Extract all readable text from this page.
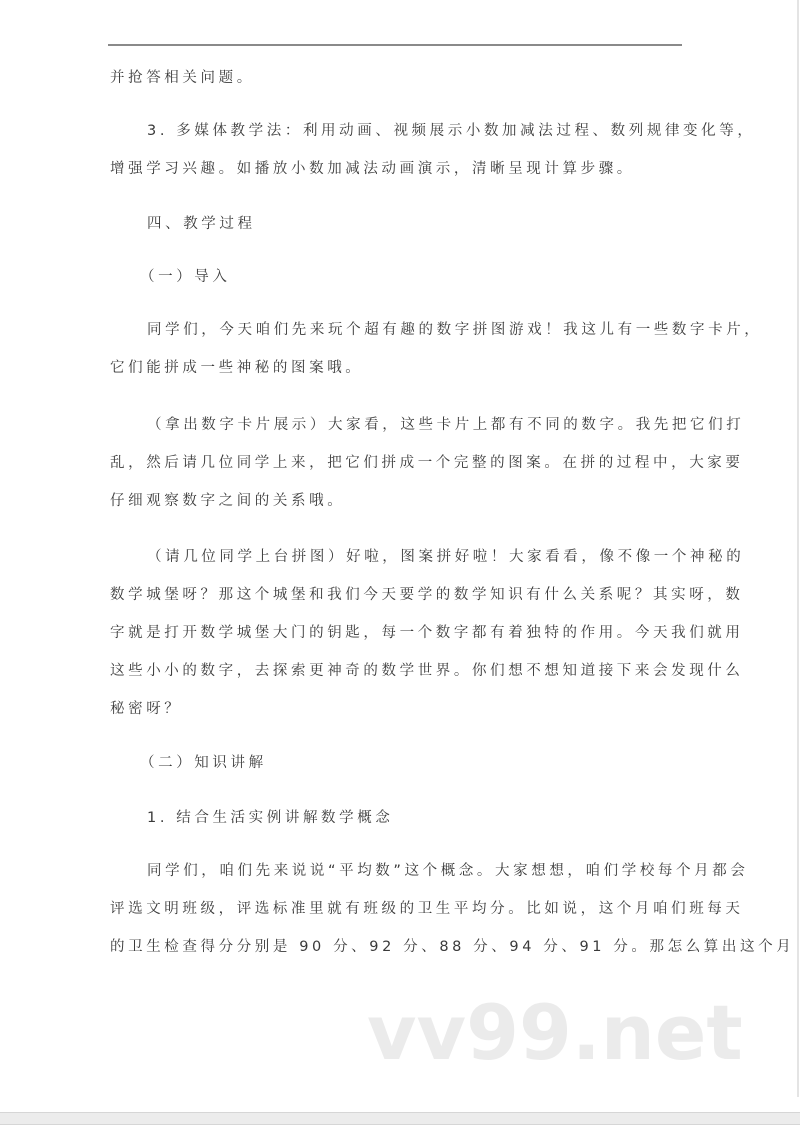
并抢答相关问题。
3. 多媒体教学法：利用动画、视频展示小数加减法过程、数列规律变化等，
增强学习兴趣。如播放小数加减法动画演示，清晰呈现计算步骤。
四、教学过程
（一）导入
同学们，今天咱们先来玩个超有趣的数字拼图游戏！我这儿有一些数字卡片，
它们能拼成一些神秘的图案哦。
（拿出数字卡片展示）大家看，这些卡片上都有不同的数字。我先把它们打
乱，然后请几位同学上来，把它们拼成一个完整的图案。在拼的过程中，大家要
仔细观察数字之间的关系哦。
（请几位同学上台拼图）好啦，图案拼好啦！大家看看，像不像一个神秘的
数学城堡呀？那这个城堡和我们今天要学的数学知识有什么关系呢？其实呀，数
字就是打开数学城堡大门的钥匙，每一个数字都有着独特的作用。今天我们就用
这些小小的数字，去探索更神奇的数学世界。你们想不想知道接下来会发现什么
秘密呀？
（二）知识讲解
1. 结合生活实例讲解数学概念
同学们，咱们先来说说“平均数”这个概念。大家想想，咱们学校每个月都会
评选文明班级，评选标准里就有班级的卫生平均分。比如说，这个月咱们班每天
的卫生检查得分分别是 90 分、92 分、88 分、94 分、91 分。那怎么算出这个月
vv99.net
